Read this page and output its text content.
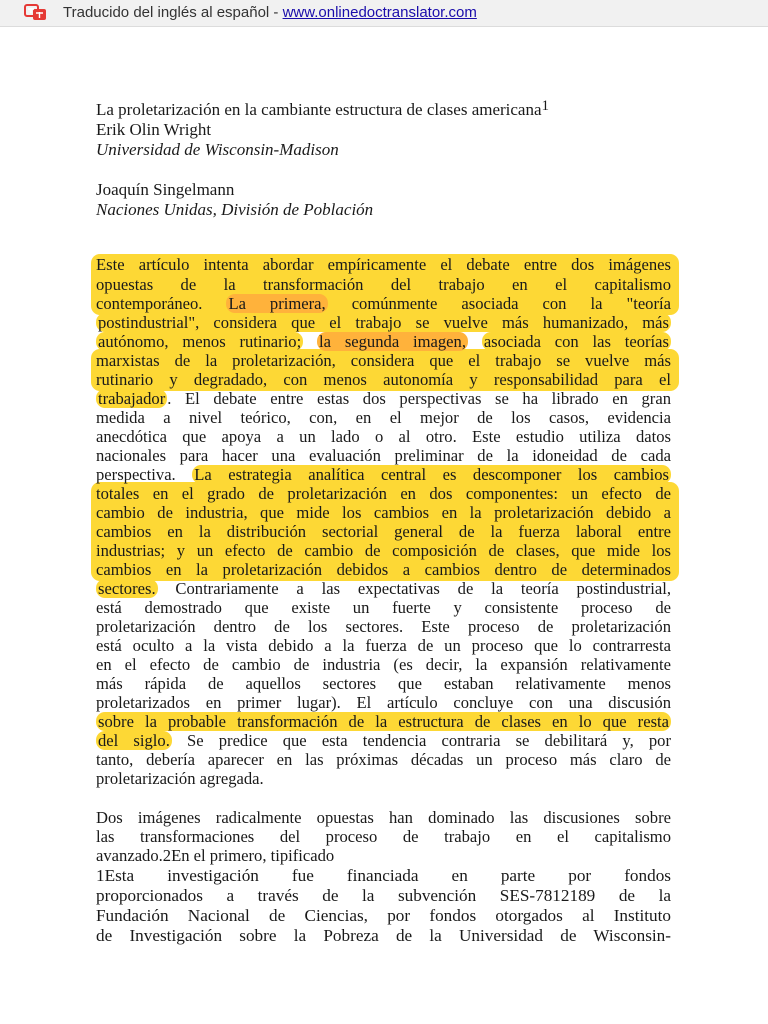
Traducido del inglés al español - www.onlinedoctranslator.com
La proletarización en la cambiante estructura de clases americana$^1$
Erik Olin Wright
Universidad de Wisconsin-Madison
Joaquín Singelmann
Naciones Unidas, División de Población
Este artículo intenta abordar empíricamente el debate entre dos imágenes
opuestas de la transformación del trabajo en el capitalismo
contemporáneo. La primera, comúnmente asociada con la "teoría
postindustrial", considera que el trabajo se vuelve más humanizado, más
autónomo, menos rutinario; la segunda imagen, asociada con las teorías
marxistas de la proletarización, considera que el trabajo se vuelve más
rutinario y degradado, con menos autonomía y responsabilidad para el
trabajador . El debate entre estas dos perspectivas se ha librado en gran
medida a nivel teórico, con, en el mejor de los casos, evidencia
anecdótica que apoya a un lado o al otro. Este estudio utiliza datos
nacionales para hacer una evaluación preliminar de la idoneidad de cada
perspectiva. La estrategia analítica central es descomponer los cambios
totales en el grado de proletarización en dos componentes: un efecto de
cambio de industria, que mide los cambios en la proletarización debido a
cambios en la distribución sectorial general de la fuerza laboral entre
industrias; y un efecto de cambio de composición de clases, que mide los
cambios en la proletarización debidos a cambios dentro de determinados
sectores. Contrariamente a las expectativas de la teoría postindustrial,
está demostrado que existe un fuerte y consistente proceso de
proletarización dentro de los sectores. Este proceso de proletarización
está oculto a la vista debido a la fuerza de un proceso que lo contrarresta
en el efecto de cambio de industria (es decir, la expansión relativamente
más rápida de aquellos sectores que estaban relativamente menos
proletarizados en primer lugar). El artículo concluye con una discusión
sobre la probable transformación de la estructura de clases en lo que resta
del siglo. Se predice que esta tendencia contraria se debilitará y, por
tanto, debería aparecer en las próximas décadas un proceso más claro de
proletarización agregada.
Dos imágenes radicalmente opuestas han dominado las discusiones sobre
las transformaciones del proceso de trabajo en el capitalismo
avanzado.2En el primero, tipificado
1Esta investigación fue financiada en parte por fondos
proporcionados a través de la subvención SES-7812189 de la
Fundación Nacional de Ciencias, por fondos otorgados al Instituto
de Investigación sobre la Pobreza de la Universidad de Wisconsin-
